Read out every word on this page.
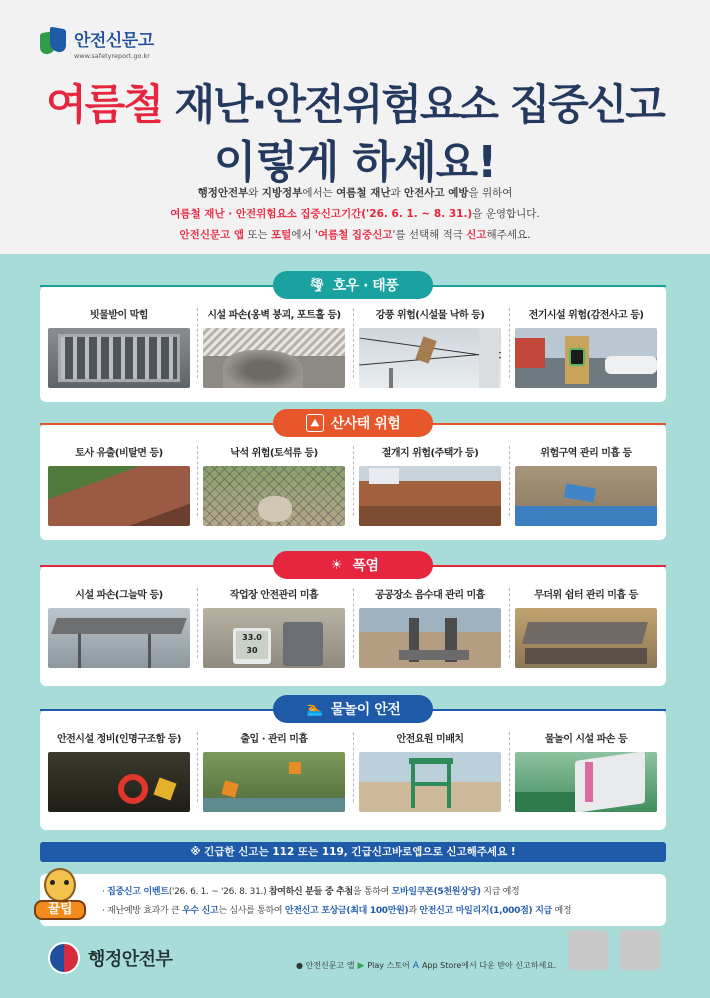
안전신문고
www.safetyreport.go.kr
여름철 재난·안전위험요소 집중신고
이렇게 하세요!
행정안전부와 지방정부에서는 여름철 재난과 안전사고 예방을 위하여
여름철 재난 · 안전위험요소 집중신고기간('26. 6. 1. ~ 8. 31.)을 운영합니다.
안전신문고 앱 또는 포털에서 '여름철 집중신고'를 선택해 적극 신고해주세요.
🌪 호우 · 태풍
빗물받이 막힘	시설 파손(옹벽 붕괴, 포트홀 등)	강풍 위험(시설물 낙하 등)	전기시설 위험(감전사고 등)
⛰ 산사태 위험
토사 유출(비탈면 등)	낙석 위험(토석류 등)	절개지 위험(주택가 등)	위험구역 관리 미흡 등
☀ 폭염
시설 파손(그늘막 등)	작업장 안전관리 미흡
33.0
30
공공장소 음수대 관리 미흡	무더위 쉼터 관리 미흡 등
🏊 물놀이 안전
안전시설 정비(인명구조함 등)	출입 · 관리 미흡	안전요원 미배치	물놀이 시설 파손 등
※ 긴급한 신고는 112 또는 119, 긴급신고바로앱으로 신고해주세요 !
· 집중신고 이벤트('26. 6. 1. ~ '26. 8. 31.) 참여하신 분들 중 추첨을 통하여 모바일쿠폰(5천원상당) 지급 예정
· 재난예방 효과가 큰 우수 신고는 심사를 통하여 안전신고 포상금(최대 100만원)과 안전신고 마일리지(1,000점) 지급 예정
꿀팁
행정안전부	● 안전신문고 앱 ▶ Play 스토어 A App Store 에서 다운 받아 신고하세요.
